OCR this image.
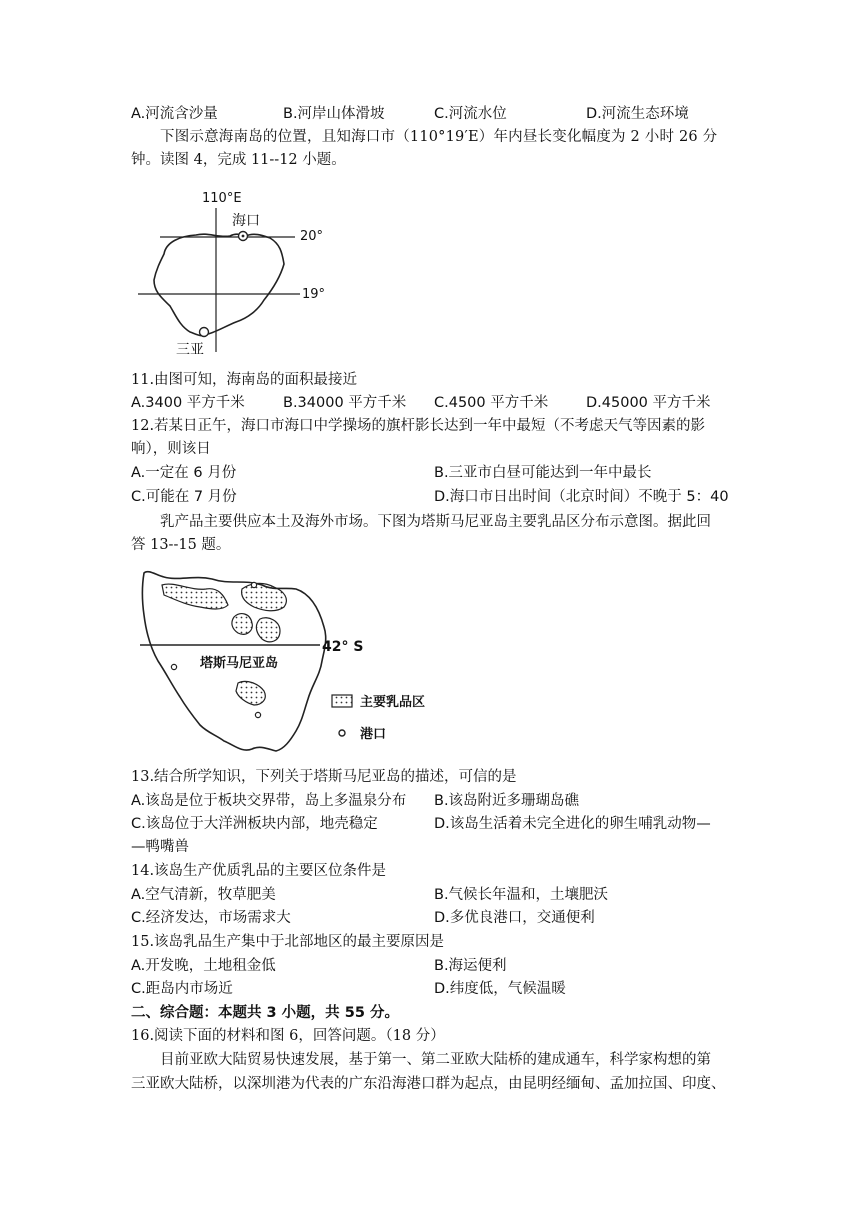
A.河流含沙量	B.河岸山体滑坡	C.河流水位	D.河流生态环境
下图示意海南岛的位置，且知海口市（110°19′E）年内昼长变化幅度为 2 小时 26 分
钟。读图 4，完成 11--12 小题。
110°E
20°
19°
海口
三亚
11.由图可知，海南岛的面积最接近
A.3400 平方千米	B.34000 平方千米 C.4500 平方千米	D.45000 平方千米
12.若某日正午，海口市海口中学操场的旗杆影长达到一年中最短（不考虑天气等因素的影
响），则该日
A.一定在 6 月份	B.三亚市白昼可能达到一年中最长
C.可能在 7 月份	D.海口市日出时间（北京时间）不晚于 5：40
乳产品主要供应本土及海外市场。下图为塔斯马尼亚岛主要乳品区分布示意图。据此回
答 13--15 题。
42° S
塔斯马尼亚岛
主要乳品区
港口
13.结合所学知识，下列关于塔斯马尼亚岛的描述，可信的是
A.该岛是位于板块交界带，岛上多温泉分布 B.该岛附近多珊瑚岛礁
C.该岛位于大洋洲板块内部，地壳稳定	D.该岛生活着未完全进化的卵生哺乳动物—
—鸭嘴兽
14.该岛生产优质乳品的主要区位条件是
A.空气清新，牧草肥美	B.气候长年温和，土壤肥沃
C.经济发达，市场需求大	D.多优良港口，交通便利
15.该岛乳品生产集中于北部地区的最主要原因是
A.开发晚，土地租金低	B.海运便利
C.距岛内市场近	D.纬度低，气候温暖
二、综合题：本题共 3 小题，共 55 分。
16.阅读下面的材料和图 6，回答问题。（18 分）
目前亚欧大陆贸易快速发展，基于第一、第二亚欧大陆桥的建成通车，科学家构想的第
三亚欧大陆桥，以深圳港为代表的广东沿海港口群为起点，由昆明经缅甸、孟加拉国、印度、
